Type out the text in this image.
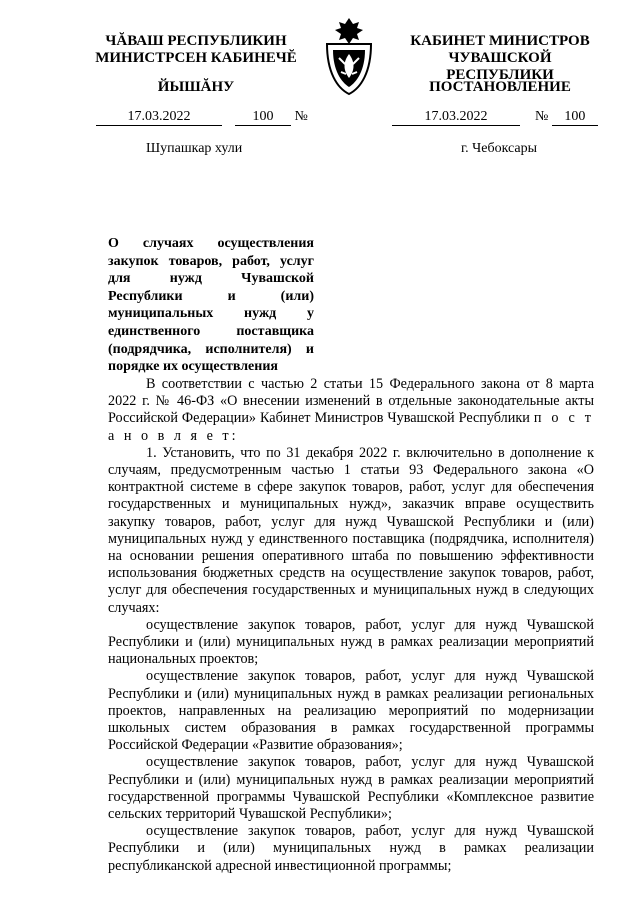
ЧĂВАШ РЕСПУБЛИКИН
МИНИСТРСЕН КАБИНЕЧĔ
ЙЫШĂНУ
КАБИНЕТ МИНИСТРОВ
ЧУВАШСКОЙ РЕСПУБЛИКИ
ПОСТАНОВЛЕНИЕ
17.03.2022	100 №
Шупашкар хули
17.03.2022	№ 100
г. Чебоксары
О случаях осуществления закупок товаров, работ, услуг для нужд Чувашской Республики и (или) муниципальных нужд у единственного поставщика (подрядчика, исполнителя) и порядке их осуществления

В соответствии с частью 2 статьи 15 Федерального закона от 8 марта 2022 г. № 46-ФЗ «О внесении изменений в отдельные законодательные акты Российской Федерации» Кабинет Министров Чувашской Республики п о с т а н о в л я е т:

1. Установить, что по 31 декабря 2022 г. включительно в дополнение к случаям, предусмотренным частью 1 статьи 93 Федерального закона «О контрактной системе в сфере закупок товаров, работ, услуг для обеспечения государственных и муниципальных нужд», заказчик вправе осуществить закупку товаров, работ, услуг для нужд Чувашской Республики и (или) муниципальных нужд у единственного поставщика (подрядчика, исполнителя) на основании решения оперативного штаба по повышению эффективности использования бюджетных средств на осуществление закупок товаров, работ, услуг для обеспечения государственных и муниципальных нужд в следующих случаях:

осуществление закупок товаров, работ, услуг для нужд Чувашской Республики и (или) муниципальных нужд в рамках реализации мероприятий национальных проектов;

осуществление закупок товаров, работ, услуг для нужд Чувашской Республики и (или) муниципальных нужд в рамках реализации региональных проектов, направленных на реализацию мероприятий по модернизации школьных систем образования в рамках государственной программы Российской Федерации «Развитие образования»;

осуществление закупок товаров, работ, услуг для нужд Чувашской Республики и (или) муниципальных нужд в рамках реализации мероприятий государственной программы Чувашской Республики «Комплексное развитие сельских территорий Чувашской Республики»;

осуществление закупок товаров, работ, услуг для нужд Чувашской Республики и (или) муниципальных нужд в рамках реализации республиканской адресной инвестиционной программы;
